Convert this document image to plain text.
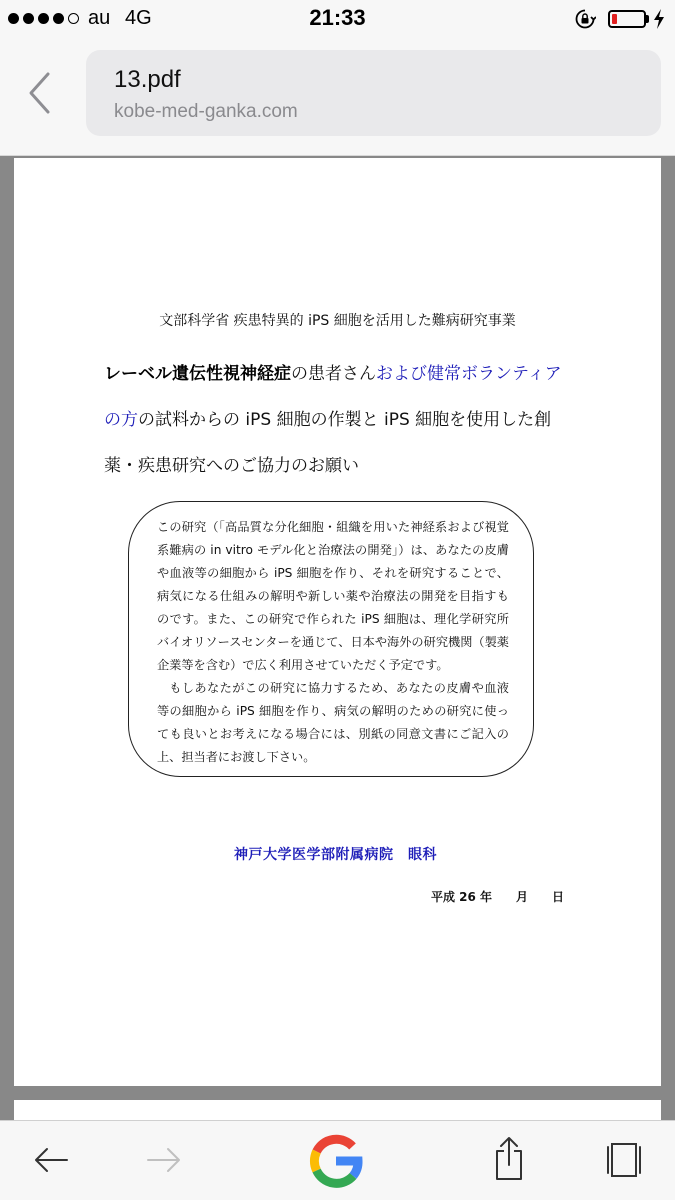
au 4G	21:33
13.pdf
kobe-med-ganka.com
文部科学省 疾患特異的 iPS 細胞を活用した難病研究事業
レーベル遺伝性視神経症の患者さんおよび健常ボランティア
の方の試料からの iPS 細胞の作製と iPS 細胞を使用した創
薬・疾患研究へのご協力のお願い

この研究（「高品質な分化細胞・組織を用いた神経系および視覚系難病の in vitro モデル化と治療法の開発」）は、あなたの皮膚や血液等の細胞から iPS 細胞を作り、それを研究することで、病気になる仕組みの解明や新しい薬や治療法の開発を目指すものです。また、この研究で作られた iPS 細胞は、理化学研究所バイオリソースセンターを通じて、日本や海外の研究機関（製薬企業等を含む）で広く利用させていただく予定です。

もしあなたがこの研究に協力するため、あなたの皮膚や血液等の細胞から iPS 細胞を作り、病気の解明のための研究に使っても良いとお考えになる場合には、別紙の同意文書にご記入の上、担当者にお渡し下さい。

神戸大学医学部附属病院　眼科
平成 26 年　　月　　日
